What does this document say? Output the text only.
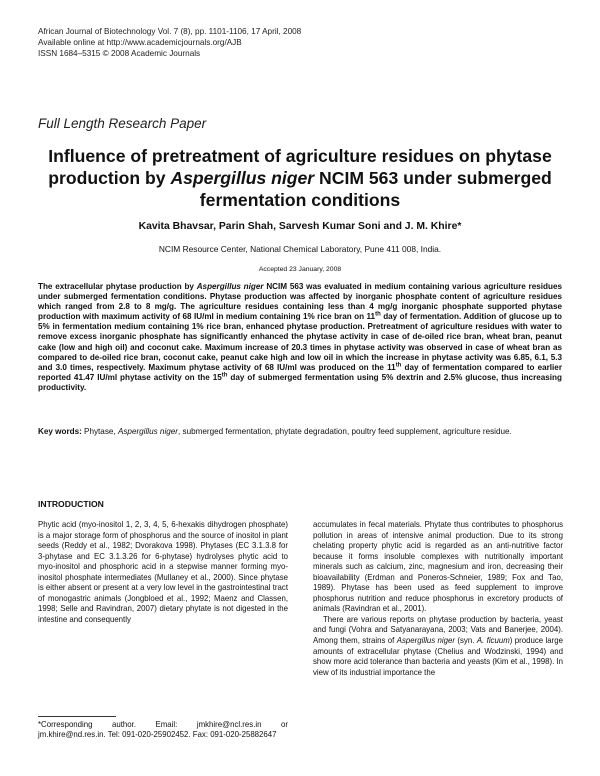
African Journal of Biotechnology Vol. 7 (8), pp. 1101-1106, 17 April, 2008
Available online at http://www.academicjournals.org/AJB
ISSN 1684–5315 © 2008 Academic Journals
Full Length Research Paper
Influence of pretreatment of agriculture residues on phytase production by Aspergillus niger NCIM 563 under submerged fermentation conditions
Kavita Bhavsar, Parin Shah, Sarvesh Kumar Soni and J. M. Khire*
NCIM Resource Center, National Chemical Laboratory, Pune 411 008, India.
Accepted 23 January, 2008
The extracellular phytase production by Aspergillus niger NCIM 563 was evaluated in medium containing various agriculture residues under submerged fermentation conditions. Phytase production was affected by inorganic phosphate content of agriculture residues which ranged from 2.8 to 8 mg/g. The agriculture residues containing less than 4 mg/g inorganic phosphate supported phytase production with maximum activity of 68 IU/ml in medium containing 1% rice bran on 11th day of fermentation. Addition of glucose up to 5% in fermentation medium containing 1% rice bran, enhanced phytase production. Pretreatment of agriculture residues with water to remove excess inorganic phosphate has significantly enhanced the phytase activity in case of de-oiled rice bran, wheat bran, peanut cake (low and high oil) and coconut cake. Maximum increase of 20.3 times in phytase activity was observed in case of wheat bran as compared to de-oiled rice bran, coconut cake, peanut cake high and low oil in which the increase in phytase activity was 6.85, 6.1, 5.3 and 3.0 times, respectively. Maximum phytase activity of 68 IU/ml was produced on the 11th day of fermentation compared to earlier reported 41.47 IU/ml phytase activity on the 15th day of submerged fermentation using 5% dextrin and 2.5% glucose, thus increasing productivity.
Key words: Phytase, Aspergillus niger, submerged fermentation, phytate degradation, poultry feed supplement, agriculture residue.
INTRODUCTION

Phytic acid (myo-inositol 1, 2, 3, 4, 5, 6-hexakis dihydrogen phosphate) is a major storage form of phosphorus and the source of inositol in plant seeds (Reddy et al., 1982; Dvorakova 1998). Phytases (EC 3.1.3.8 for 3-phytase and EC 3.1.3.26 for 6-phytase) hydrolyses phytic acid to myo-inositol and phosphoric acid in a stepwise manner forming myo-inositol phosphate intermediates (Mullaney et al., 2000). Since phytase is either absent or present at a very low level in the gastrointestinal tract of monogastric animals (Jongbloed et al., 1992; Maenz and Classen, 1998; Selle and Ravindran, 2007) dietary phytate is not digested in the intestine and consequently

accumulates in fecal materials. Phytate thus contributes to phosphorus pollution in areas of intensive animal production. Due to its strong chelating property phytic acid is regarded as an anti-nutritive factor because it forms insoluble complexes with nutritionally important minerals such as calcium, zinc, magnesium and iron, decreasing their bioavailability (Erdman and Poneros-Schneier, 1989; Fox and Tao, 1989). Phytase has been used as feed supplement to improve phosphorus nutrition and reduce phosphorus in excretory products of animals (Ravindran et al., 2001).

There are various reports on phytase production by bacteria, yeast and fungi (Vohra and Satyanarayana, 2003; Vats and Banerjee, 2004). Among them, strains of Aspergillus niger (syn. A. ficuum) produce large amounts of extracellular phytase (Chelius and Wodzinski, 1994) and show more acid tolerance than bacteria and yeasts (Kim et al., 1998). In view of its industrial importance the

*Corresponding author. Email: jmkhire@ncl.res.in or jm.khire@nd.res.in. Tel: 091-020-25902452. Fax: 091-020-25882647
